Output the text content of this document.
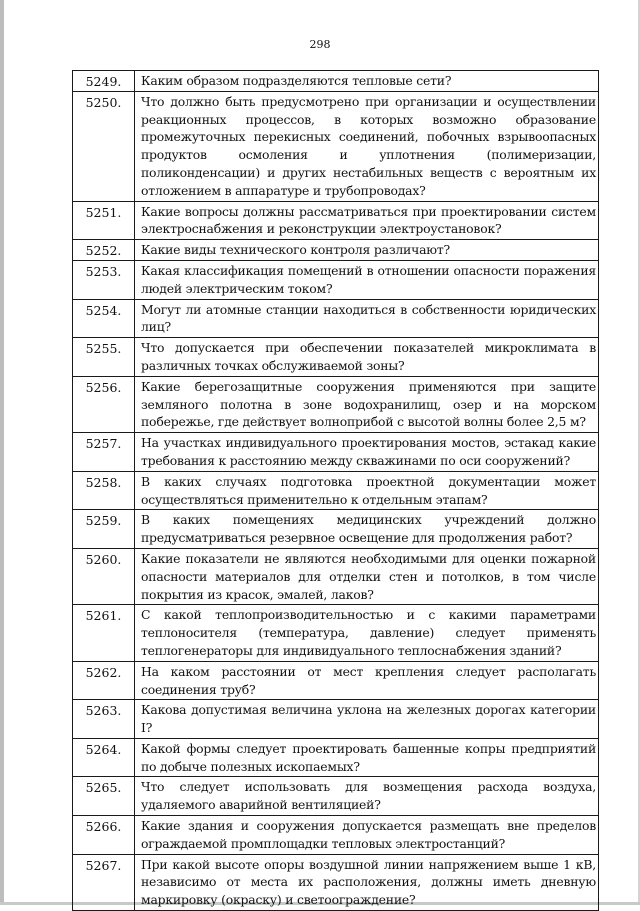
298
5249.	Каким образом подразделяются тепловые сети?
5250.	Что должно быть предусмотрено при организации и осуществлении реакционных процессов, в которых возможно образование промежуточных перекисных соединений, побочных взрывоопасных продуктов осмоления и уплотнения (полимеризации, поликонденсации) и других нестабильных веществ с вероятным их отложением в аппаратуре и трубопроводах?
5251.	Какие вопросы должны рассматриваться при проектировании систем электроснабжения и реконструкции электроустановок?
5252.	Какие виды технического контроля различают?
5253.	Какая классификация помещений в отношении опасности поражения людей электрическим током?
5254.	Могут ли атомные станции находиться в собственности юридических лиц?
5255.	Что допускается при обеспечении показателей микроклимата в различных точках обслуживаемой зоны?
5256.	Какие берегозащитные сооружения применяются при защите земляного полотна в зоне водохранилищ, озер и на морском побережье, где действует волноприбой с высотой волны более 2,5 м?
5257.	На участках индивидуального проектирования мостов, эстакад какие требования к расстоянию между скважинами по оси сооружений?
5258.	В каких случаях подготовка проектной документации может осуществляться применительно к отдельным этапам?
5259.	В каких помещениях медицинских учреждений должно предусматриваться резервное освещение для продолжения работ?
5260.	Какие показатели не являются необходимыми для оценки пожарной опасности материалов для отделки стен и потолков, в том числе покрытия из красок, эмалей, лаков?
5261.	С какой теплопроизводительностью и с какими параметрами теплоносителя (температура, давление) следует применять теплогенераторы для индивидуального теплоснабжения зданий?
5262.	На каком расстоянии от мест крепления следует располагать соединения труб?
5263.	Какова допустимая величина уклона на железных дорогах категории I?
5264.	Какой формы следует проектировать башенные копры предприятий по добыче полезных ископаемых?
5265.	Что следует использовать для возмещения расхода воздуха, удаляемого аварийной вентиляцией?
5266.	Какие здания и сооружения допускается размещать вне пределов ограждаемой промплощадки тепловых электростанций?
5267.	При какой высоте опоры воздушной линии напряжением выше 1 кВ, независимо от места их расположения, должны иметь дневную маркировку (окраску) и светоограждение?
